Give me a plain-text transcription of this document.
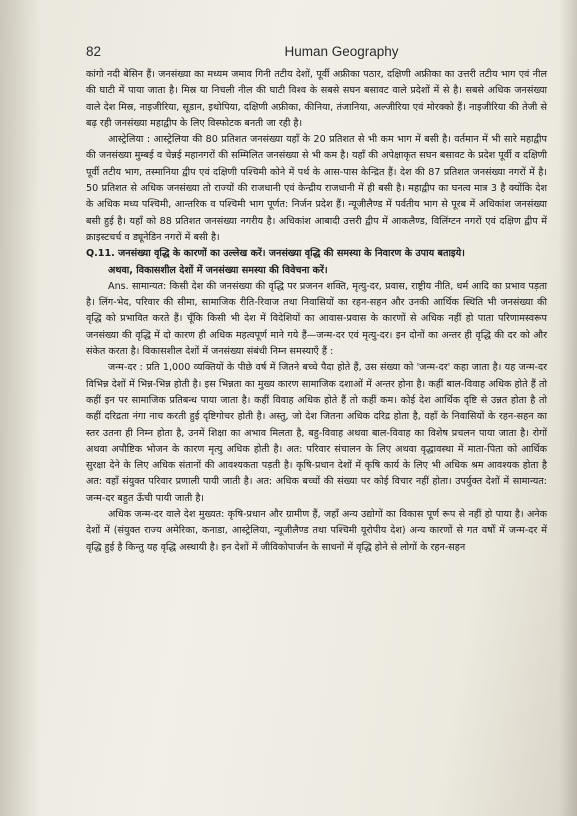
82	Human Geography

कांगो नदी बेसिन हैं। जनसंख्या का मध्यम जमाव गिनी तटीय देशों, पूर्वी अफ्रीका पठार, दक्षिणी अफ्रीका का उत्तरी तटीय भाग एवं नील की घाटी में पाया जाता है। मिस्र या निचली नील की घाटी विश्व के सबसे सघन बसावट वाले प्रदेशों में से है। सबसे अधिक जनसंख्या वाले देश मिस्र, नाइजीरिया, सूडान, इथोपिया, दक्षिणी अफ्रीका, कीनिया, तंजानिया, अल्जीरिया एवं मोरक्को हैं। नाइजीरिया की तेजी से बढ़ रही जनसंख्या महाद्वीप के लिए विस्फोटक बनती जा रही है।

आस्ट्रेलिया : आस्ट्रेलिया की 80 प्रतिशत जनसंख्या यहाँ के 20 प्रतिशत से भी कम भाग में बसी है। वर्तमान में भी सारे महाद्वीप की जनसंख्या मुम्बई व चेन्नई महानगरों की सम्मिलित जनसंख्या से भी कम है। यहाँ की अपेक्षाकृत सघन बसावट के प्रदेश पूर्वी व दक्षिणी पूर्वी तटीय भाग, तस्मानिया द्वीप एवं दक्षिणी पश्चिमी कोने में पर्थ के आस-पास केन्द्रित हैं। देश की 87 प्रतिशत जनसंख्या नगरों में है। 50 प्रतिशत से अधिक जनसंख्या तो राज्यों की राजधानी एवं केन्द्रीय राजधानी में ही बसी है। महाद्वीप का घनत्व मात्र 3 है क्योंकि देश के अधिक मध्य पश्चिमी, आन्तरिक व पश्चिमी भाग पूर्णत: निर्जन प्रदेश हैं। न्यूजीलैण्ड में पर्वतीय भाग से पूरब में अधिकांश जनसंख्या बसी हुई है। यहाँ को 88 प्रतिशत जनसंख्या नगरीय है। अधिकांश आबादी उत्तरी द्वीप में आकलैण्ड, विलिंग्टन नगरों एवं दक्षिण द्वीप में क्राइस्टचर्च व ड्यूनेडिन नगरों में बसी है।

Q.11. जनसंख्या वृद्धि के कारणों का उल्लेख करें। जनसंख्या वृद्धि की समस्या के निवारण के उपाय बताइये।

अथवा, विकासशील देशों में जनसंख्या समस्या की विवेचना करें।

Ans. सामान्यत: किसी देश की जनसंख्या की वृद्धि पर प्रजनन शक्ति, मृत्यु-दर, प्रवास, राष्ट्रीय नीति, धर्म आदि का प्रभाव पड़ता है। लिंग-भेद, परिवार की सीमा, सामाजिक रीति-रिवाज तथा निवासियों का रहन-सहन और उनकी आर्थिक स्थिति भी जनसंख्या की वृद्धि को प्रभावित करते हैं। चूँकि किसी भी देश में विदेशियों का आवास-प्रवास के कारणों से अधिक नहीं हो पाता परिणामस्वरूप जनसंख्या की वृद्धि में दो कारण ही अधिक महत्वपूर्ण माने गये हैं—जन्म-दर एवं मृत्यु-दर। इन दोनों का अन्तर ही वृद्धि की दर को और संकेत करता है। विकासशील देशों में जनसंख्या संबंधी निम्न समस्याएँ हैं :

जन्म-दर : प्रति 1,000 व्यक्तियों के पीछे वर्ष में जितने बच्चे पैदा होते हैं, उस संख्या को 'जन्म-दर' कहा जाता है। यह जन्म-दर विभिन्न देशों में भिन्न-भिन्न होती है। इस भिन्नता का मुख्य कारण सामाजिक दशाओं में अन्तर होना है। कहीं बाल-विवाह अधिक होते हैं तो कहीं इन पर सामाजिक प्रतिबन्ध पाया जाता है। कहीं विवाह अधिक होते हैं तो कहीं कम। कोई देश आर्थिक दृष्टि से उन्नत होता है तो कहीं दरिद्रता नंगा नाच करती हुई दृष्टिगोचर होती है। अस्तु, जो देश जितना अधिक दरिद्र होता है, वहाँ के निवासियों के रहन-सहन का स्तर उतना ही निम्न होता है, उनमें शिक्षा का अभाव मिलता है, बहु-विवाह अथवा बाल-विवाह का विशेष प्रचलन पाया जाता है। रोगों अथवा अपौष्टिक भोजन के कारण मृत्यु अधिक होती है। अत: परिवार संचालन के लिए अथवा वृद्धावस्था में माता-पिता को आर्थिक सुरक्षा देने के लिए अधिक संतानों की आवश्यकता पड़ती है। कृषि-प्रधान देशों में कृषि कार्य के लिए भी अधिक श्रम आवश्यक होता है अत: वहाँ संयुक्त परिवार प्रणाली पायी जाती है। अत: अधिक बच्चों की संख्या पर कोई विचार नहीं होता। उपर्युक्त देशों में सामान्यत: जन्म-दर बहुत ऊँची पायी जाती है।

अधिक जन्म-दर वाले देश मुख्यत: कृषि-प्रधान और ग्रामीण हैं, जहाँ अन्य उद्योगों का विकास पूर्ण रूप से नहीं हो पाया है। अनेक देशों में (संयुक्त राज्य अमेरिका, कनाडा, आस्ट्रेलिया, न्यूजीलैण्ड तथा पश्चिमी यूरोपीय देश) अन्य कारणों से गत वर्षों में जन्म-दर में वृद्धि हुई है किन्तु यह वृद्धि अस्थायी है। इन देशों में जीविकोपार्जन के साधनों में वृद्धि होने से लोगों के रहन-सहन
